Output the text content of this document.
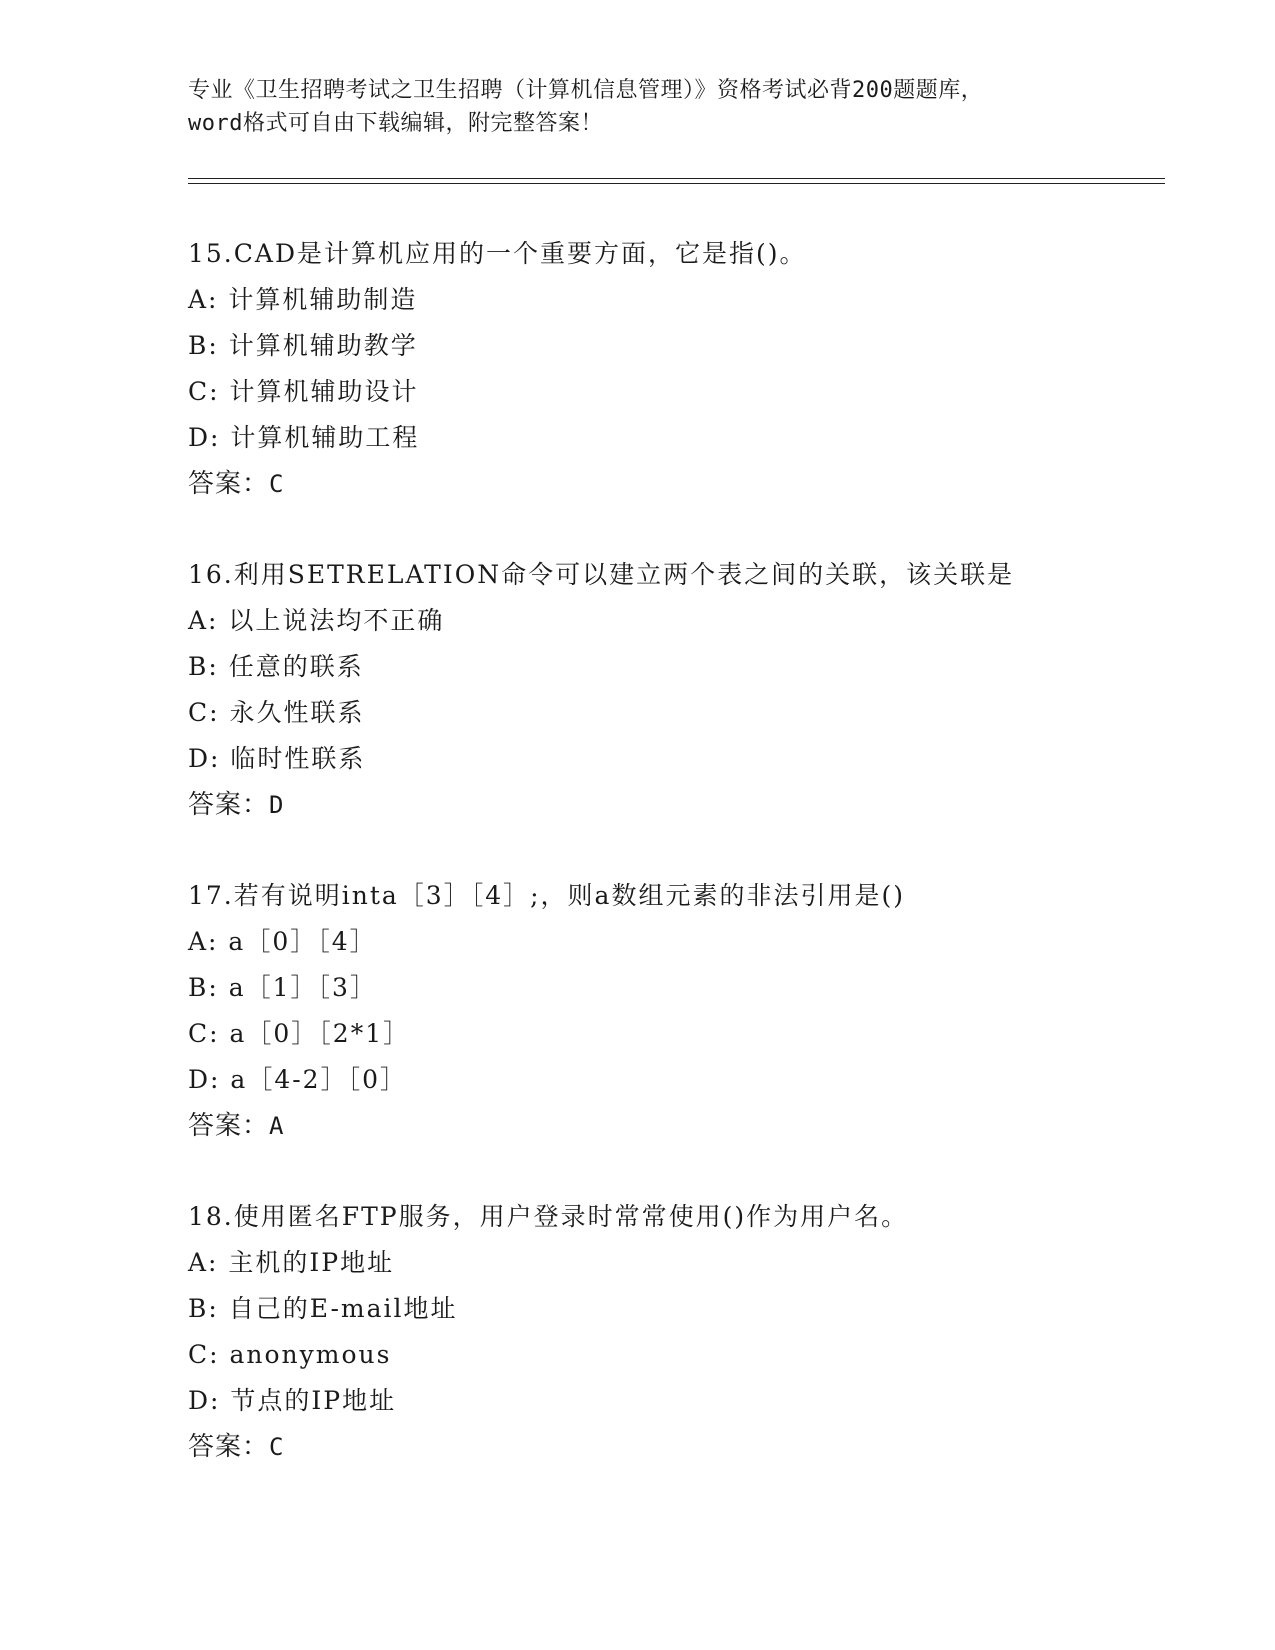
专业《卫生招聘考试之卫生招聘（计算机信息管理）》资格考试必背200题题库，
word格式可自由下载编辑，附完整答案！
15.CAD是计算机应用的一个重要方面，它是指()。
A: 计算机辅助制造
B: 计算机辅助教学
C: 计算机辅助设计
D: 计算机辅助工程
答案：C
16.利用SETRELATION命令可以建立两个表之间的关联，该关联是
A: 以上说法均不正确
B: 任意的联系
C: 永久性联系
D: 临时性联系
答案：D
17.若有说明inta［3］［4］;，则a数组元素的非法引用是()
A: a［0］［4］
B: a［1］［3］
C: a［0］［2*1］
D: a［4-2］［0］
答案：A
18.使用匿名FTP服务，用户登录时常常使用()作为用户名。
A: 主机的IP地址
B: 自己的E-mail地址
C: anonymous
D: 节点的IP地址
答案：C
